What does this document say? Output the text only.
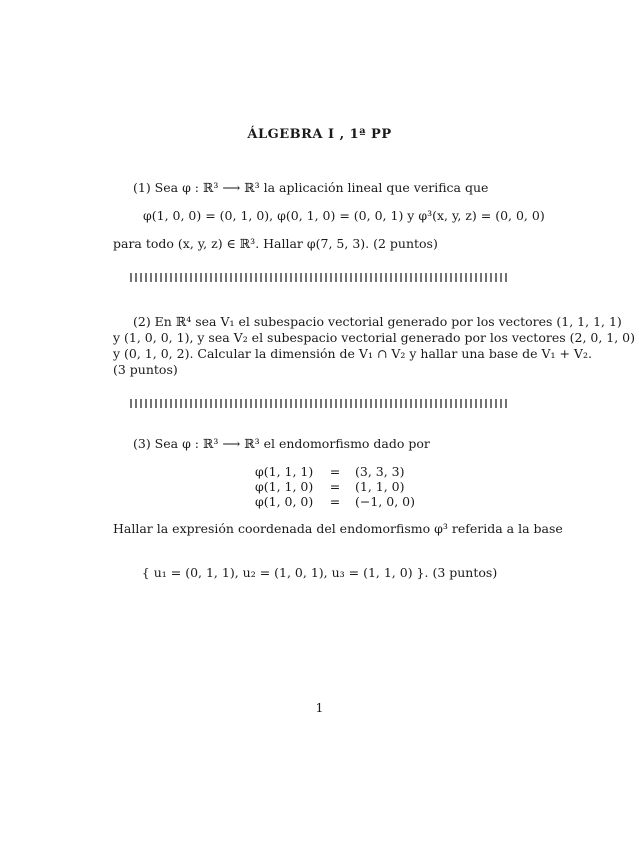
ÁLGEBRA I , 1ª PP
(1) Sea φ : ℝ³ ⟶ ℝ³ la aplicación lineal que verifica que
φ(1, 0, 0) = (0, 1, 0), φ(0, 1, 0) = (0, 0, 1) y φ³(x, y, z) = (0, 0, 0)
para todo (x, y, z) ∈ ℝ³. Hallar φ(7, 5, 3). (2 puntos)
(2) En ℝ⁴ sea V₁ el subespacio vectorial generado por los vectores (1, 1, 1, 1)
y (1, 0, 0, 1), y sea V₂ el subespacio vectorial generado por los vectores (2, 0, 1, 0)
y (0, 1, 0, 2). Calcular la dimensión de V₁ ∩ V₂ y hallar una base de V₁ + V₂.
(3 puntos)
(3) Sea φ : ℝ³ ⟶ ℝ³ el endomorfismo dado por
φ(1, 1, 1)	=	(3, 3, 3)
φ(1, 1, 0)	=	(1, 1, 0)
φ(1, 0, 0)	=	(−1, 0, 0)
Hallar la expresión coordenada del endomorfismo φ³ referida a la base
{ u₁ = (0, 1, 1), u₂ = (1, 0, 1), u₃ = (1, 1, 0) }. (3 puntos)
1
